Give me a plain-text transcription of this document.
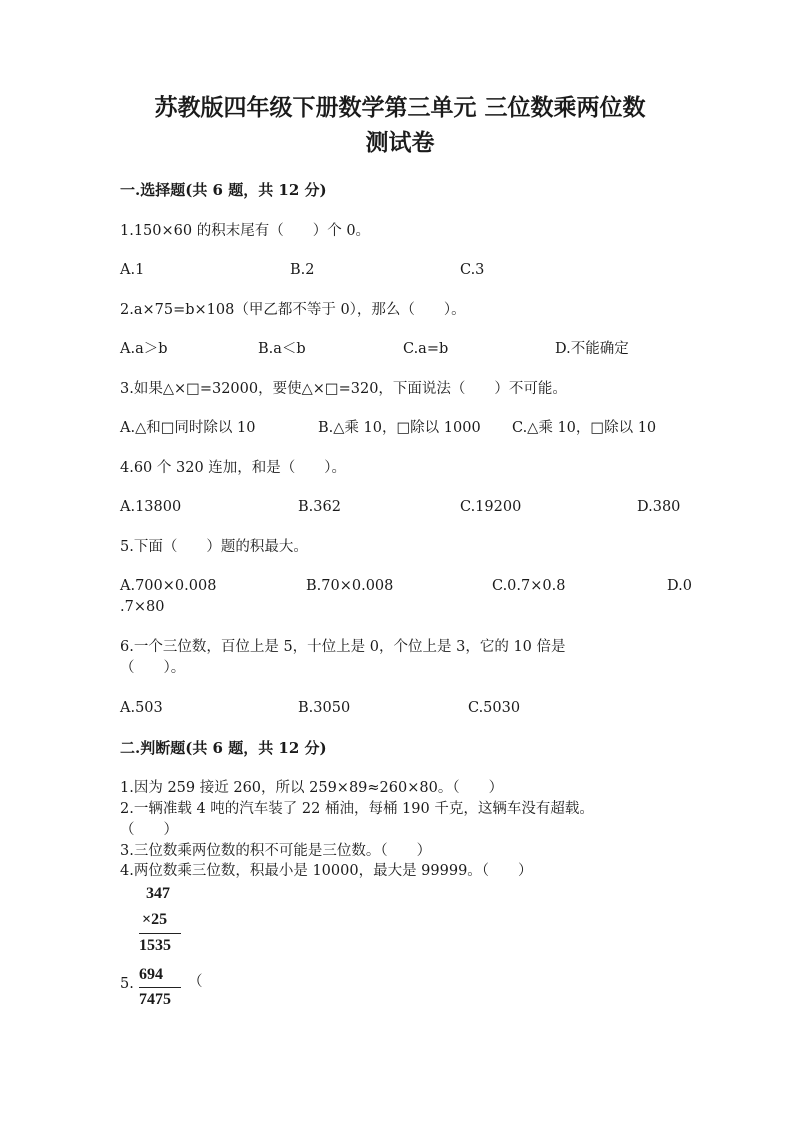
苏教版四年级下册数学第三单元 三位数乘两位数
测试卷
一.选择题(共 6 题，共 12 分)
1.150×60 的积末尾有（　　）个 0。
A.1	B.2	C.3
2.a×75=b×108（甲乙都不等于 0），那么（　　）。
A.a＞b	B.a＜b	C.a=b	D.不能确定
3.如果△×□=32000，要使△×□=320，下面说法（　　）不可能。
A.△和□同时除以 10	B.△乘 10，□除以 1000 C.△乘 10，□除以 10
4.60 个 320 连加，和是（　　）。
A.13800	B.362	C.19200	D.380
5.下面（　　）题的积最大。
A.700×0.008	B.70×0.008	C.0.7×0.8	D.0
.7×80
6.一个三位数，百位上是 5，十位上是 0，个位上是 3，它的 10 倍是
（　　）。
A.503	B.3050	C.5030
二.判断题(共 6 题，共 12 分)
1.因为 259 接近 260，所以 259×89≈260×80。（　　）
2.一辆准载 4 吨的汽车装了 22 桶油，每桶 190 千克，这辆车没有超载。
（　　）
3.三位数乘两位数的积不可能是三位数。（　　）
4.两位数乘三位数，积最小是 10000，最大是 99999。（　　）
347
×25
1535
5.
694 （
7475
